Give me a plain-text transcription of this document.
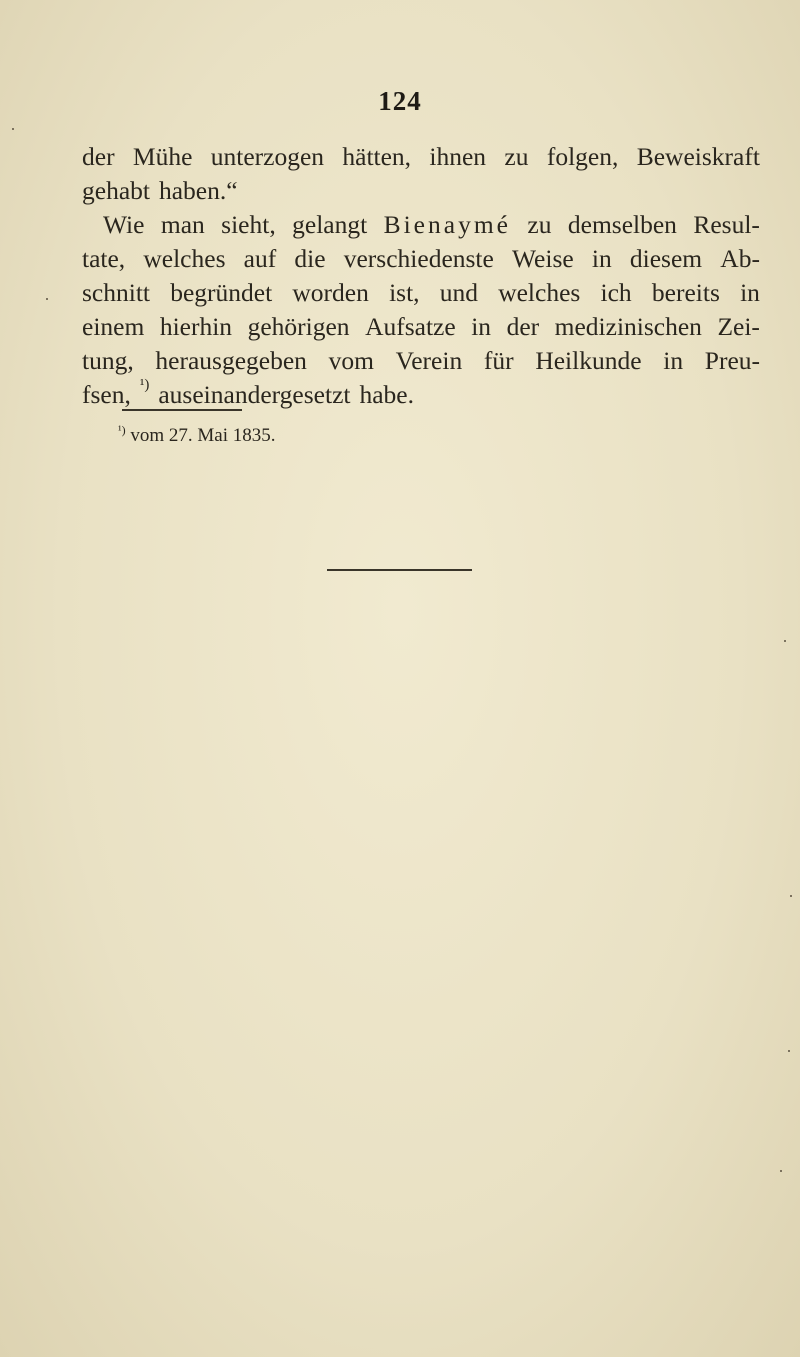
124
der Mühe unterzogen hätten, ihnen zu folgen, Beweiskraft
gehabt haben.“
Wie man sieht, gelangt Bienaymé zu demselben Resul-
tate, welches auf die verschiedenste Weise in diesem Ab-
schnitt begründet worden ist, und welches ich bereits in
einem hierhin gehörigen Aufsatze in der medizinischen Zei-
tung, herausgegeben vom Verein für Heilkunde in Preu-
fsen, ¹) auseinandergesetzt habe.
$^{^1)}$ vom 27. Mai 1835.
